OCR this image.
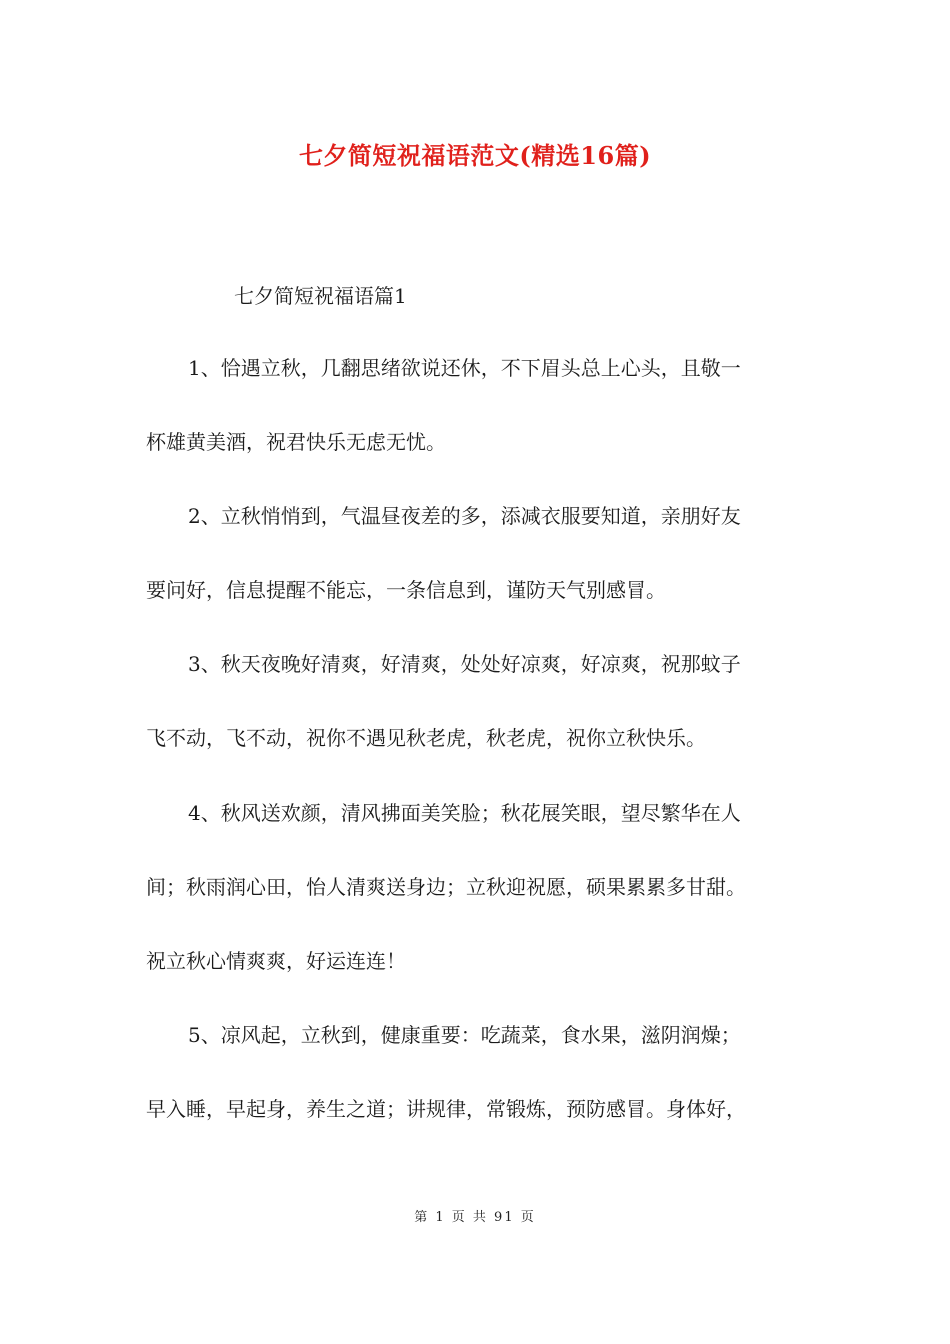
七夕简短祝福语范文(精选16篇)
七夕简短祝福语篇1
1、恰遇立秋，几翻思绪欲说还休，不下眉头总上心头，且敬一
杯雄黄美酒，祝君快乐无虑无忧。
2、立秋悄悄到，气温昼夜差的多，添减衣服要知道，亲朋好友
要问好，信息提醒不能忘，一条信息到，谨防天气别感冒。
3、秋天夜晚好清爽，好清爽，处处好凉爽，好凉爽，祝那蚊子
飞不动，飞不动，祝你不遇见秋老虎，秋老虎，祝你立秋快乐。
4、秋风送欢颜，清风拂面美笑脸；秋花展笑眼，望尽繁华在人
间；秋雨润心田，怡人清爽送身边；立秋迎祝愿，硕果累累多甘甜。
祝立秋心情爽爽，好运连连！
5、凉风起，立秋到，健康重要：吃蔬菜，食水果，滋阴润燥；
早入睡，早起身，养生之道；讲规律，常锻炼，预防感冒。身体好，
第 1 页 共 91 页
